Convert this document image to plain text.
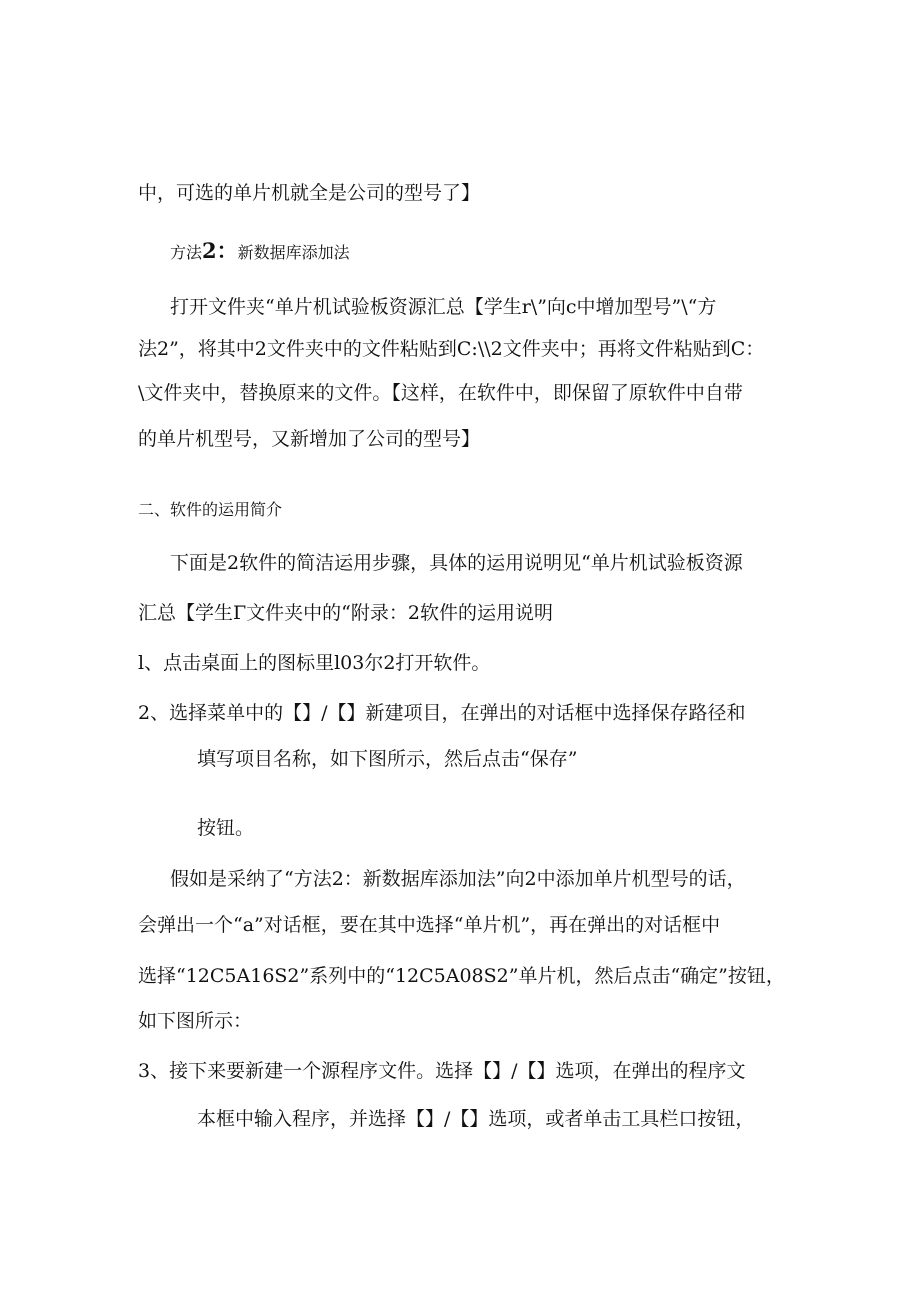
中，可选的单片机就全是公司的型号了】
方法2：新数据库添加法
打开文件夹“单片机试验板资源汇总【学生r\”向c中增加型号”\“方
法2”，将其中2文件夹中的文件粘贴到C:\\2文件夹中；再将文件粘贴到C：
\文件夹中，替换原来的文件。【这样，在软件中，即保留了原软件中自带
的单片机型号，又新增加了公司的型号】
二、软件的运用简介
下面是2软件的简洁运用步骤，具体的运用说明见“单片机试验板资源
汇总【学生Γ文件夹中的“附录：2软件的运用说明
l、点击桌面上的图标里l03尔2打开软件。
2、选择菜单中的【】/【】新建项目，在弹出的对话框中选择保存路径和
填写项目名称，如下图所示，然后点击“保存”
按钮。
假如是采纳了“方法2：新数据库添加法”向2中添加单片机型号的话，
会弹出一个“a”对话框，要在其中选择“单片机”，再在弹出的对话框中
选择“12C5A16S2”系列中的“12C5A08S2”单片机，然后点击“确定”按钮，
如下图所示：
3、接下来要新建一个源程序文件。选择【】/【】选项，在弹出的程序文
本框中输入程序，并选择【】/【】选项，或者单击工具栏口按钮，
